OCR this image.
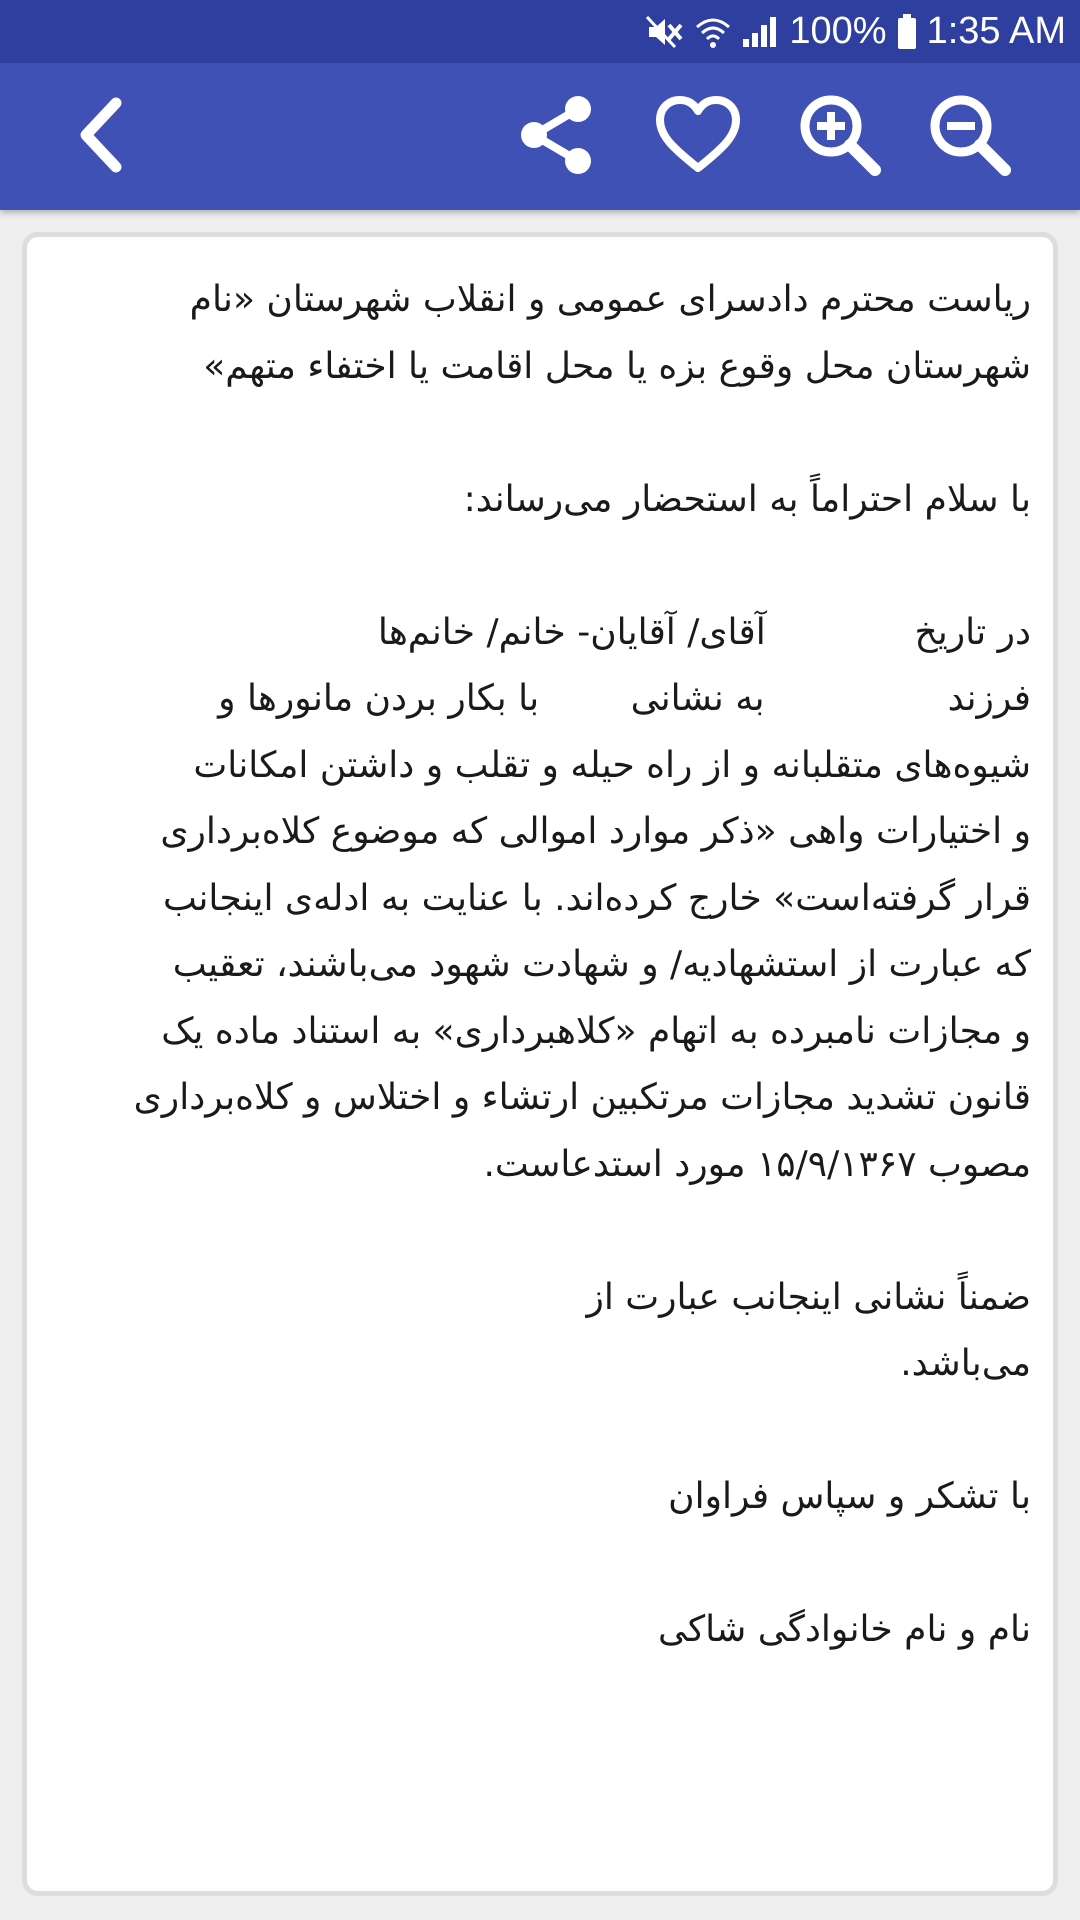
100% 1:35 AM
ریاست محترم دادسرای عمومی و انقلاب شهرستان «نام
شهرستان محل وقوع بزه یا محل اقامت یا اختفاء متهم»
با سلام احتراماً به استحضار می‌رساند:
در تاریخ             آقای/ آقایان- خانم/ خانم‌ها
فرزند                به نشانی        با بکار بردن مانورها و
شیوه‌های متقلبانه و از راه حیله و تقلب و داشتن امکانات
و اختیارات واهی «ذکر موارد اموالی که موضوع کلاه‌برداری
قرار گرفته‌است» خارج کرده‌اند. با عنایت به ادله‌ی اینجانب
که عبارت از استشهادیه/ و شهادت شهود می‌باشند، تعقیب
و مجازات نامبرده به اتهام «کلاهبرداری» به استناد ماده یک
قانون تشدید مجازات مرتکبین ارتشاء و اختلاس و کلاه‌برداری
مصوب ۱۵/۹/۱۳۶۷ مورد استدعاست.
ضمناً نشانی اینجانب عبارت از
می‌باشد.
با تشکر و سپاس فراوان
نام و نام خانوادگی شاکی
